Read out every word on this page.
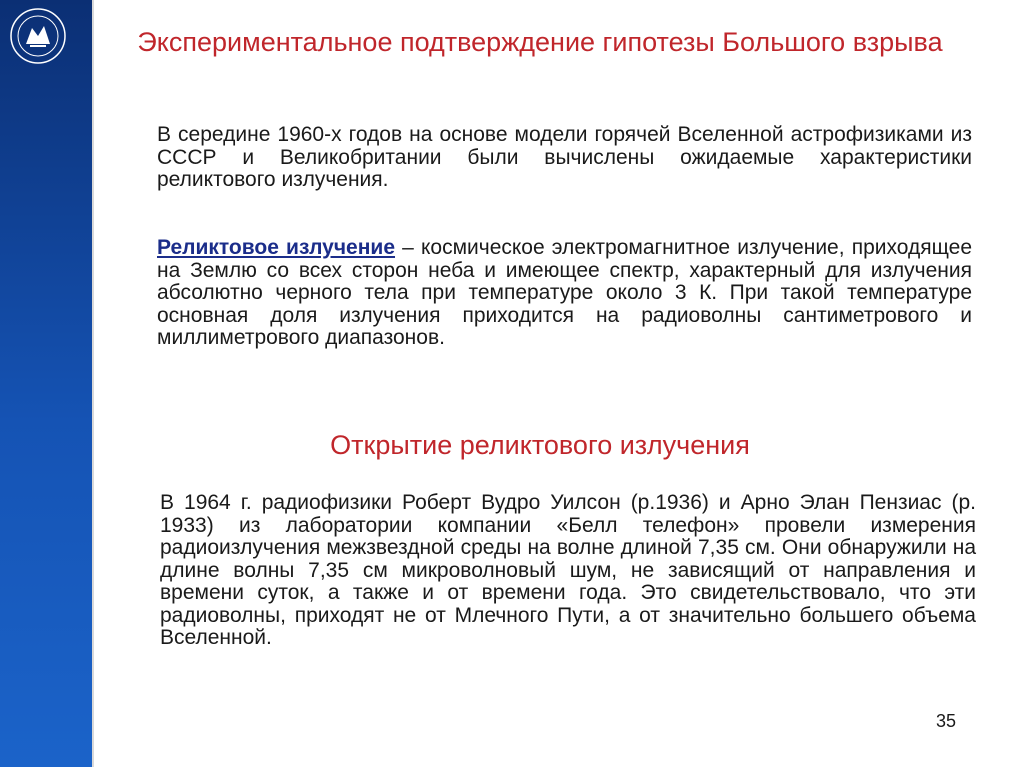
Экспериментальное подтверждение гипотезы Большого взрыва
В середине 1960-х годов на основе модели горячей Вселенной астрофизиками из СССР и Великобритании были вычислены ожидаемые характеристики реликтового излучения.
Реликтовое излучение – космическое электромагнитное излучение, приходящее на Землю со всех сторон неба и имеющее спектр, характерный для излучения абсолютно черного тела при температуре около 3 К. При такой температуре основная доля излучения приходится на радиоволны сантиметрового и миллиметрового диапазонов.
Открытие реликтового излучения
В 1964 г. радиофизики Роберт Вудро Уилсон (р.1936) и Арно Элан Пензиас (р. 1933) из лаборатории компании «Белл телефон» провели измерения радиоизлучения межзвездной среды на волне длиной 7,35 см. Они обнаружили на длине волны 7,35 см микроволновый шум, не зависящий от направления и времени суток, а также и от времени года. Это свидетельствовало, что эти радиоволны, приходят не от Млечного Пути, а от значительно большего объема Вселенной.
35
